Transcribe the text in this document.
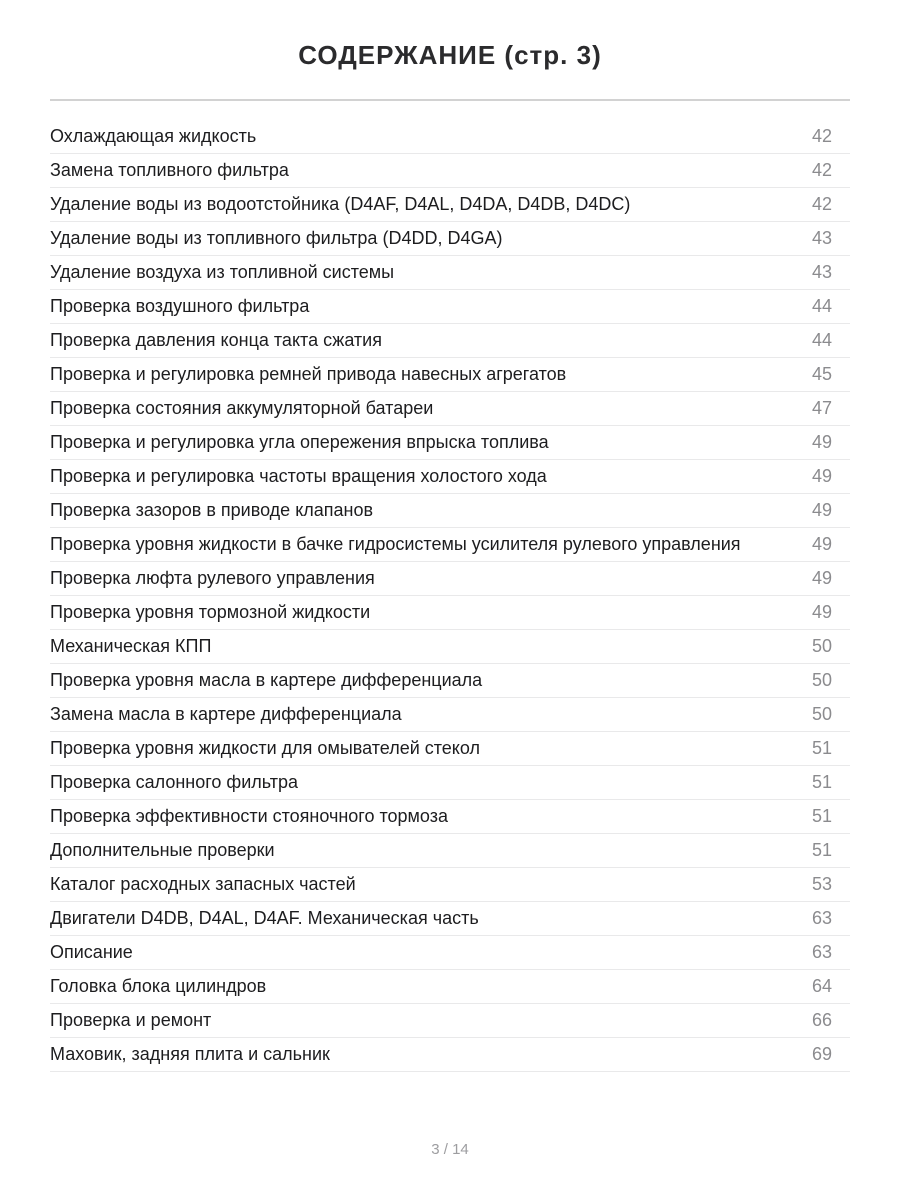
СОДЕРЖАНИЕ (стр. 3)
Охлаждающая жидкость	42
Замена топливного фильтра	42
Удаление воды из водоотстойника (D4AF, D4AL, D4DA, D4DB, D4DC)	42
Удаление воды из топливного фильтра (D4DD, D4GA)	43
Удаление воздуха из топливной системы	43
Проверка воздушного фильтра	44
Проверка давления конца такта сжатия	44
Проверка и регулировка ремней привода навесных агрегатов	45
Проверка состояния аккумуляторной батареи	47
Проверка и регулировка угла опережения впрыска топлива	49
Проверка и регулировка частоты вращения холостого хода	49
Проверка зазоров в приводе клапанов	49
Проверка уровня жидкости в бачке гидросистемы усилителя рулевого управления	49
Проверка люфта рулевого управления	49
Проверка уровня тормозной жидкости	49
Механическая КПП	50
Проверка уровня масла в картере дифференциала	50
Замена масла в картере дифференциала	50
Проверка уровня жидкости для омывателей стекол	51
Проверка салонного фильтра	51
Проверка эффективности стояночного тормоза	51
Дополнительные проверки	51
Каталог расходных запасных частей	53
Двигатели D4DB, D4AL, D4AF. Механическая часть	63
Описание	63
Головка блока цилиндров	64
Проверка и ремонт	66
Маховик, задняя плита и сальник	69
3 / 14
